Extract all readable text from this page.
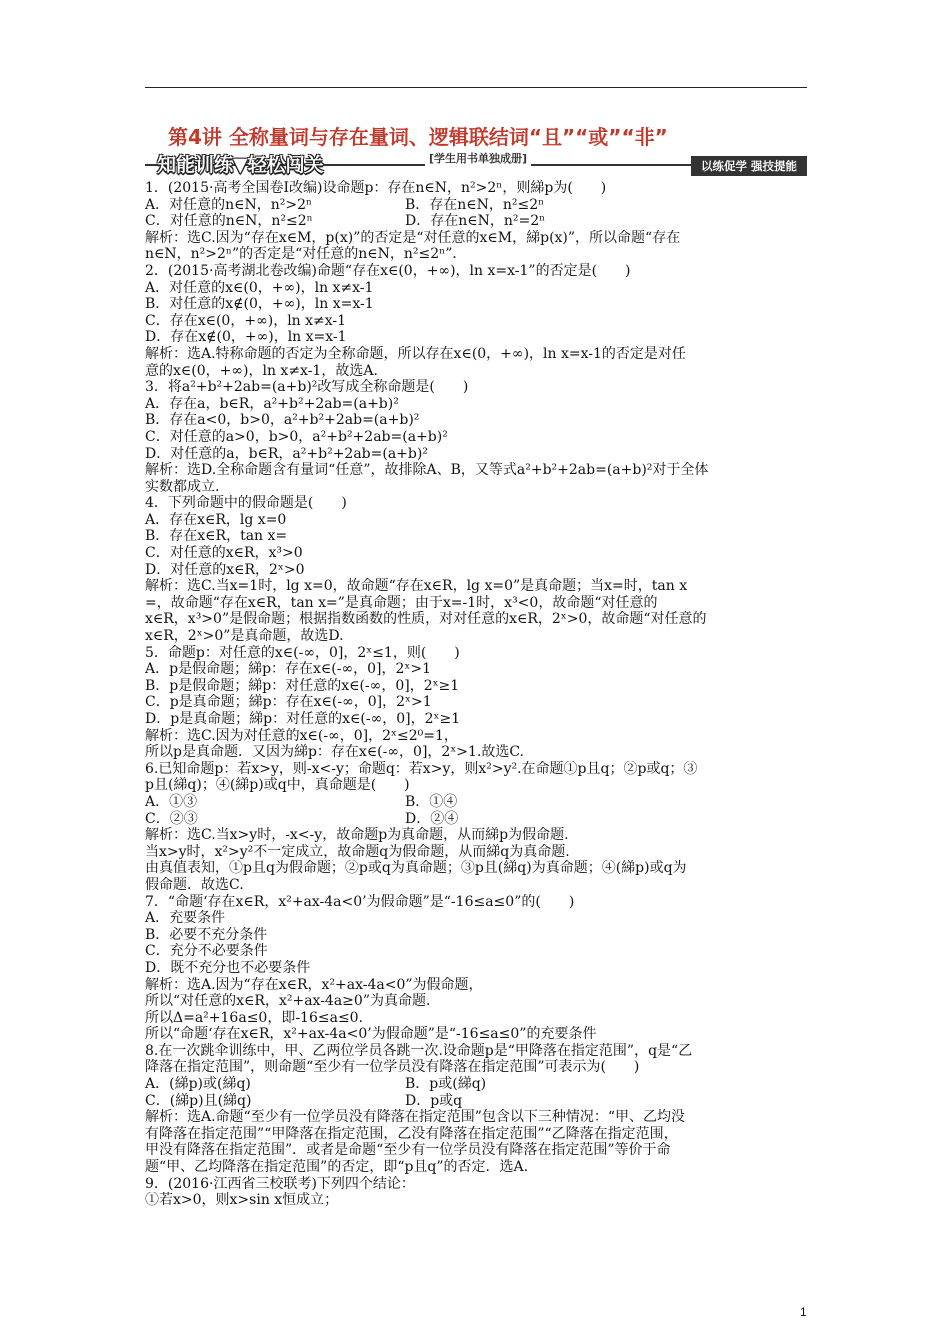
第4讲 全称量词与存在量词、逻辑联结词“且”“或”“非”
知能训练▼轻松闯关	[学生用书单独成册]
以练促学 强技提能
1．(2015·高考全国卷Ⅰ改编)设命题p：存在n∈N，n²>2ⁿ，则綈p为(　　)
A．对任意的n∈N，n²>2ⁿ	B．存在n∈N，n²≤2ⁿ
C．对任意的n∈N，n²≤2ⁿ	D．存在n∈N，n²=2ⁿ
解析：选C.因为“存在x∈M，p(x)”的否定是“对任意的x∈M，綈p(x)”，所以命题“存在
n∈N，n²>2ⁿ”的否定是“对任意的n∈N，n²≤2ⁿ”．
2．(2015·高考湖北卷改编)命题“存在x∈(0，+∞)，ln x=x-1”的否定是(　　)
A．对任意的x∈(0，+∞)，ln x≠x-1
B．对任意的x∉(0，+∞)，ln x=x-1
C．存在x∈(0，+∞)，ln x≠x-1
D．存在x∉(0，+∞)，ln x=x-1
解析：选A.特称命题的否定为全称命题，所以存在x∈(0，+∞)，ln x=x-1的否定是对任
意的x∈(0，+∞)，ln x≠x-1，故选A.
3．将a²+b²+2ab=(a+b)²改写成全称命题是(　　)
A．存在a，b∈R，a²+b²+2ab=(a+b)²
B．存在a<0，b>0，a²+b²+2ab=(a+b)²
C．对任意的a>0，b>0，a²+b²+2ab=(a+b)²
D．对任意的a，b∈R，a²+b²+2ab=(a+b)²
解析：选D.全称命题含有量词“任意”，故排除A、B，又等式a²+b²+2ab=(a+b)²对于全体
实数都成立.
4．下列命题中的假命题是(　　)
A．存在x∈R，lg x=0
B．存在x∈R，tan x=
C．对任意的x∈R，x³>0
D．对任意的x∈R，2ˣ>0
解析：选C.当x=1时，lg x=0，故命题“存在x∈R，lg x=0”是真命题；当x=时，tan x
=，故命题“存在x∈R，tan x=”是真命题；由于x=-1时，x³<0，故命题“对任意的
x∈R，x³>0”是假命题；根据指数函数的性质，对对任意的x∈R，2ˣ>0，故命题“对任意的
x∈R，2ˣ>0”是真命题，故选D.
5．命题p：对任意的x∈(-∞，0]，2ˣ≤1，则(　　)
A．p是假命题；綈p：存在x∈(-∞，0]，2ˣ>1
B．p是假命题；綈p：对任意的x∈(-∞，0]，2ˣ≥1
C．p是真命题；綈p：存在x∈(-∞，0]，2ˣ>1
D．p是真命题；綈p：对任意的x∈(-∞，0]，2ˣ≥1
解析：选C.因为对任意的x∈(-∞，0]，2ˣ≤2⁰=1，
所以p是真命题．又因为綈p：存在x∈(-∞，0]，2ˣ>1.故选C.
6.已知命题p：若x>y，则-x<-y；命题q：若x>y，则x²>y².在命题①p且q；②p或q；③
p且(綈q)；④(綈p)或q中，真命题是(　　)
A．①③	B．①④
C．②③	D．②④
解析：选C.当x>y时，-x<-y，故命题p为真命题，从而綈p为假命题.
当x>y时，x²>y²不一定成立，故命题q为假命题，从而綈q为真命题.
由真值表知，①p且q为假命题；②p或q为真命题；③p且(綈q)为真命题；④(綈p)或q为
假命题．故选C.
7．“命题‘存在x∈R，x²+ax-4a<0’为假命题”是“-16≤a≤0”的(　　)
A．充要条件
B．必要不充分条件
C．充分不必要条件
D．既不充分也不必要条件
解析：选A.因为“存在x∈R，x²+ax-4a<0”为假命题，
所以“对任意的x∈R，x²+ax-4a≥0”为真命题.
所以Δ=a²+16a≤0，即-16≤a≤0.
所以“命题‘存在x∈R，x²+ax-4a<0’为假命题”是“-16≤a≤0”的充要条件
8.在一次跳伞训练中，甲、乙两位学员各跳一次.设命题p是“甲降落在指定范围”，q是“乙
降落在指定范围”，则命题“至少有一位学员没有降落在指定范围”可表示为(　　)
A．(綈p)或(綈q)	B．p或(綈q)
C．(綈p)且(綈q)	D．p或q
解析：选A.命题“至少有一位学员没有降落在指定范围”包含以下三种情况：“甲、乙均没
有降落在指定范围”“甲降落在指定范围，乙没有降落在指定范围”“乙降落在指定范围，
甲没有降落在指定范围”．或者是命题“至少有一位学员没有降落在指定范围”等价于命
题“甲、乙均降落在指定范围”的否定，即“p且q”的否定．选A.
9．(2016·江西省三校联考)下列四个结论：
①若x>0，则x>sin x恒成立；
1
